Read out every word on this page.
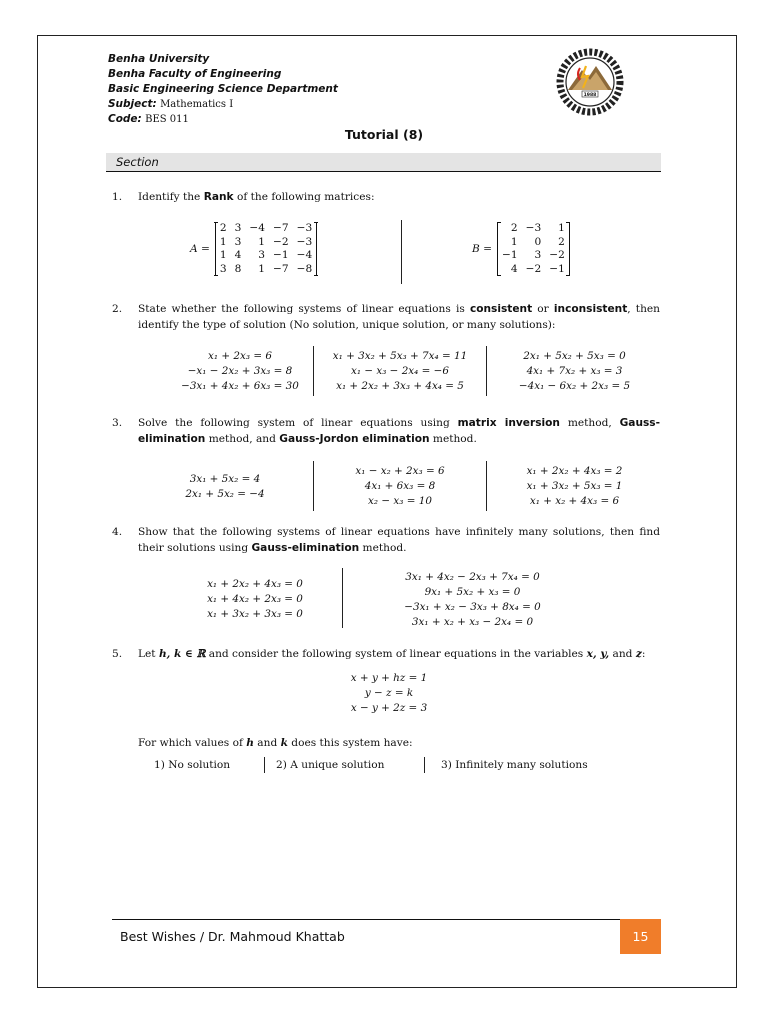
Benha University
Benha Faculty of Engineering
Basic Engineering Science Department
Subject: Mathematics I
Code: BES 011
1988
Tutorial (8)
Section
1. Identify the Rank of the following matrices:
A =
2	3	−4	−7	−3
1	3	1	−2	−3
1	4	3	−1	−4
3	8	1	−7	−8

B =
2	−3	1
1	0	2
−1	3	−2
4	−2	−1

2. State whether the following systems of linear equations is consistent or inconsistent, then identify the type of solution (No solution, unique solution, or many solutions):
x₁ + 2x₃ = 6
−x₁ − 2x₂ + 3x₃ = 8
−3x₁ + 4x₂ + 6x₃ = 30
x₁ + 3x₂ + 5x₃ + 7x₄ = 11
x₁ − x₃ − 2x₄ = −6
x₁ + 2x₂ + 3x₃ + 4x₄ = 5
2x₁ + 5x₂ + 5x₃ = 0
4x₁ + 7x₂ + x₃ = 3
−4x₁ − 6x₂ + 2x₃ = 5
3. Solve the following system of linear equations using matrix inversion method, Gauss-elimination method, and Gauss-Jordon elimination method.
3x₁ + 5x₂ = 4
2x₁ + 5x₂ = −4
x₁ − x₂ + 2x₃ = 6
4x₁ + 6x₃ = 8
x₂ − x₃ = 10
x₁ + 2x₂ + 4x₃ = 2
x₁ + 3x₂ + 5x₃ = 1
x₁ + x₂ + 4x₃ = 6
4. Show that the following systems of linear equations have infinitely many solutions, then find their solutions using Gauss-elimination method.
x₁ + 2x₂ + 4x₃ = 0
x₁ + 4x₂ + 2x₃ = 0
x₁ + 3x₂ + 3x₃ = 0
3x₁ + 4x₂ − 2x₃ + 7x₄ = 0
9x₁ + 5x₂ + x₃ = 0
−3x₁ + x₂ − 3x₃ + 8x₄ = 0
3x₁ + x₂ + x₃ − 2x₄ = 0
5. Let h, k ∈ ℝ and consider the following system of linear equations in the variables x, y, and z:
x + y + hz = 1
y − z = k
x − y + 2z = 3
For which values of h and k does this system have:
1) No solution	2) A unique solution	3) Infinitely many solutions
Best Wishes / Dr. Mahmoud Khattab	15
